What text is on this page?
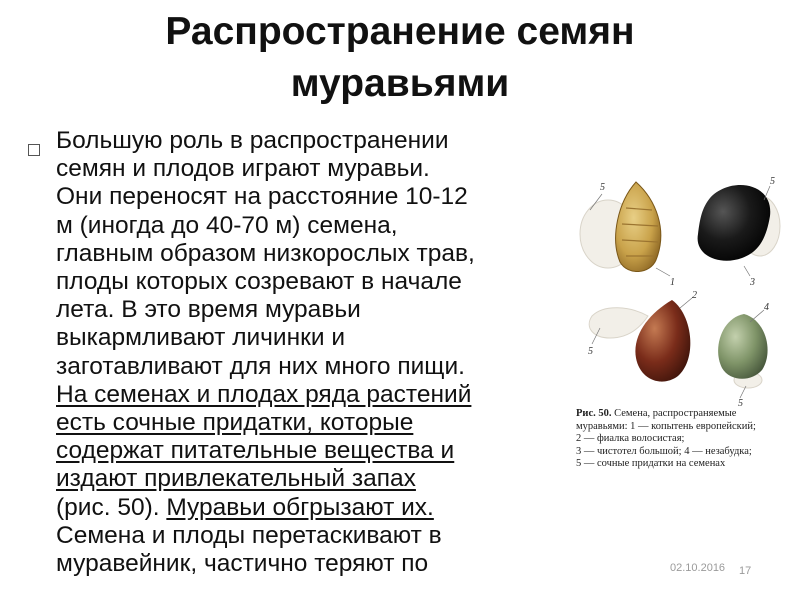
Распространение семян
муравьями
Большую роль в распространении
семян и плодов играют муравьи.
Они переносят на расстояние 10-12
м (иногда до 40-70 м) семена,
главным образом низкорослых трав,
плоды которых созревают в начале
лета. В это время муравьи
выкармливают личинки и
заготавливают для них много пищи.
На семенах и плодах ряда растений
есть сочные придатки, которые
содержат питательные вещества и
издают привлекательный запах
(рис. 50). Муравьи обгрызают их.
Семена и плоды перетаскивают в
муравейник, частично теряют по
5
1
5
3
2
4
5
5
Рис. 50. Семена, распространяемые
муравьями: 1 — копытень европейский;
2 — фиалка волосистая;
3 — чистотел большой; 4 — незабудка;
5 — сочные придатки на семенах
02.10.2016 17
